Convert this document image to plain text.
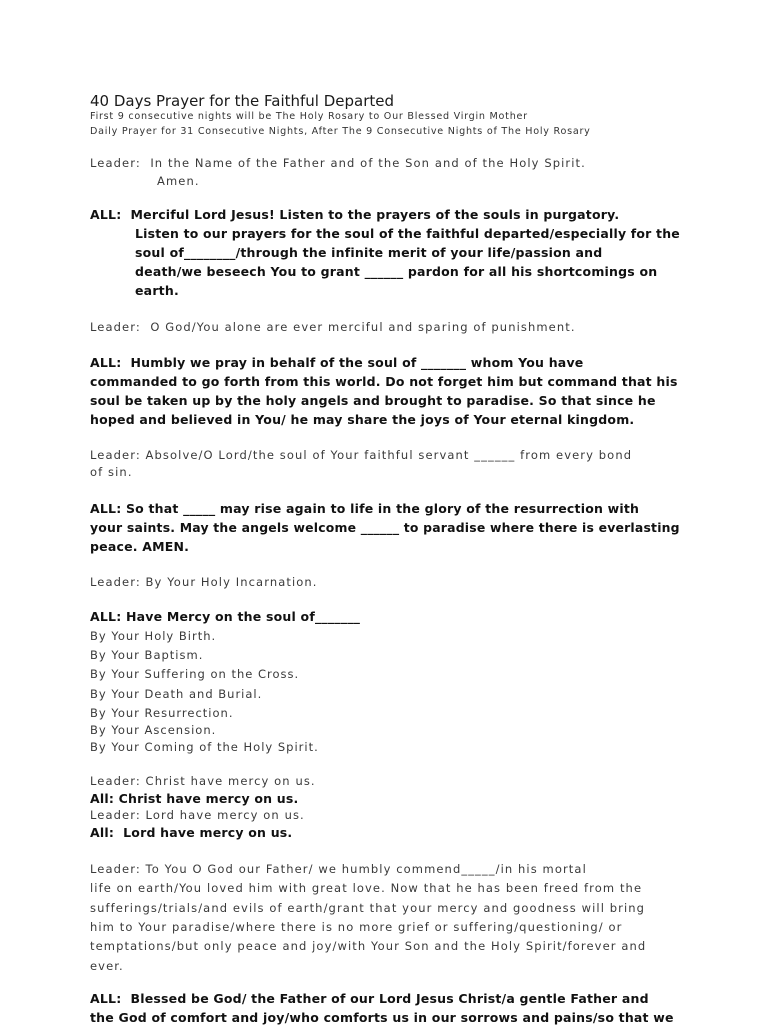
40 Days Prayer for the Faithful Departed

First 9 consecutive nights will be The Holy Rosary to Our Blessed Virgin Mother

Daily Prayer for 31 Consecutive Nights, After The 9 Consecutive Nights of The Holy Rosary

Leader:  In the Name of the Father and of the Son and of the Holy Spirit.

Amen.

ALL:  Merciful Lord Jesus! Listen to the prayers of the souls in purgatory.

Listen to our prayers for the soul of the faithful departed/especially for the

soul of________/through the infinite merit of your life/passion and

death/we beseech You to grant ______ pardon for all his shortcomings on

earth.

Leader:  O God/You alone are ever merciful and sparing of punishment.

ALL:  Humbly we pray in behalf of the soul of _______ whom You have

commanded to go forth from this world. Do not forget him but command that his

soul be taken up by the holy angels and brought to paradise. So that since he

hoped and believed in You/ he may share the joys of Your eternal kingdom.

Leader: Absolve/O Lord/the soul of Your faithful servant ______ from every bond

of sin.

ALL: So that _____ may rise again to life in the glory of the resurrection with

your saints. May the angels welcome ______ to paradise where there is everlasting

peace. AMEN.

Leader: By Your Holy Incarnation.

ALL: Have Mercy on the soul of_______

By Your Holy Birth.

By Your Baptism.

By Your Suffering on the Cross.

By Your Death and Burial.

By Your Resurrection.

By Your Ascension.

By Your Coming of the Holy Spirit.

Leader: Christ have mercy on us.

All: Christ have mercy on us.

Leader: Lord have mercy on us.

All:  Lord have mercy on us.

Leader: To You O God our Father/ we humbly commend_____/in his mortal

life on earth/You loved him with great love. Now that he has been freed from the

sufferings/trials/and evils of earth/grant that your mercy and goodness will bring

him to Your paradise/where there is no more grief or suffering/questioning/ or

temptations/but only peace and joy/with Your Son and the Holy Spirit/forever and

ever.

ALL:  Blessed be God/ the Father of our Lord Jesus Christ/a gentle Father and

the God of comfort and joy/who comforts us in our sorrows and pains/so that we
